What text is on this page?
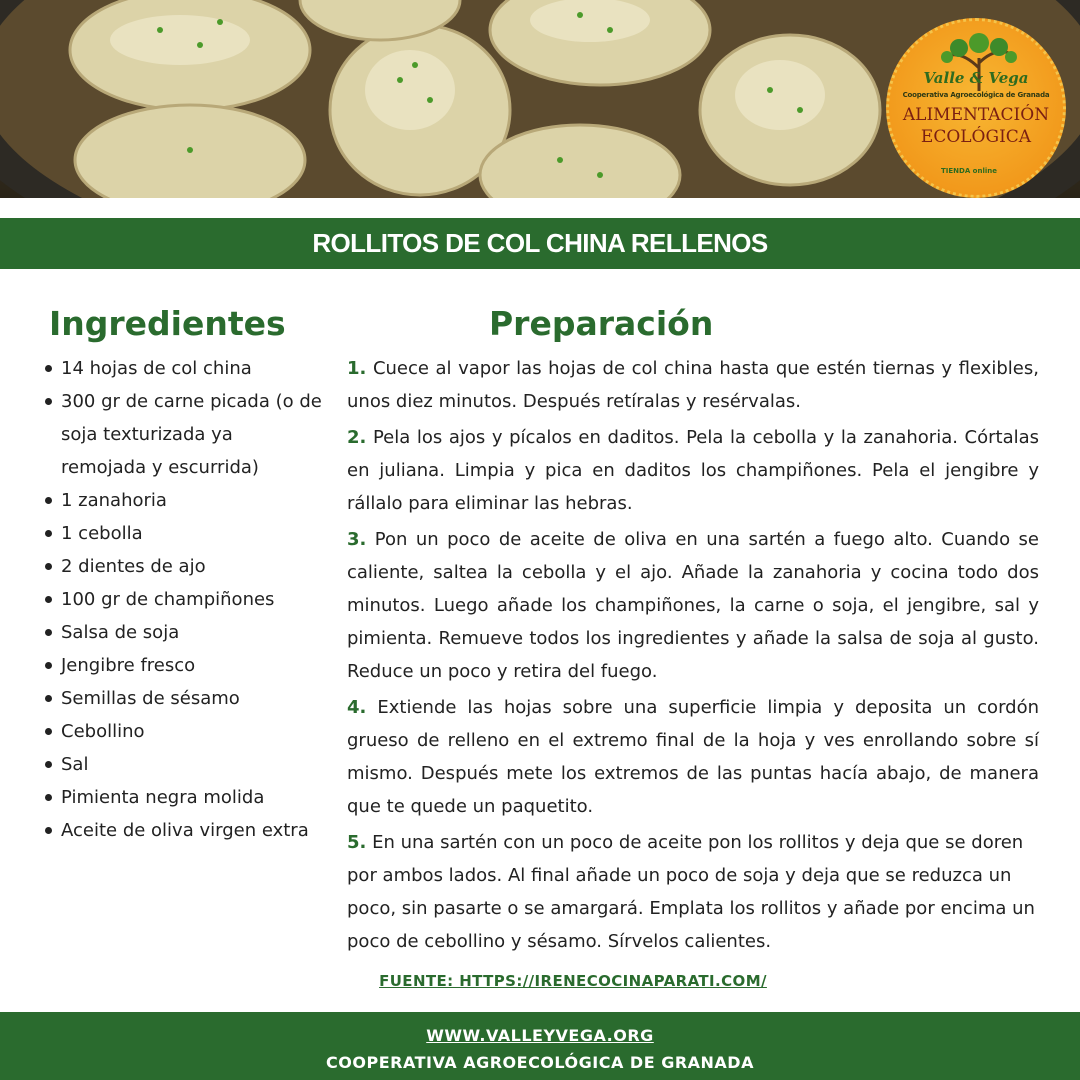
Valle & Vega
Cooperativa Agroecológica de Granada
ALIMENTACIÓN
ECOLÓGICA
TIENDA online
ROLLITOS DE COL CHINA RELLENOS
Ingredientes	Preparación
14 hojas de col china
300 gr de carne picada (o de soja texturizada ya remojada y escurrida)
1 zanahoria
1 cebolla
2 dientes de ajo
100 gr de champiñones
Salsa de soja
Jengibre fresco
Semillas de sésamo
Cebollino
Sal
Pimienta negra molida
Aceite de oliva virgen extra

1. Cuece al vapor las hojas de col china hasta que estén tiernas y flexibles, unos diez minutos. Después retíralas y resérvalas.

2. Pela los ajos y pícalos en daditos. Pela la cebolla y la zanahoria. Córtalas en juliana. Limpia y pica en daditos los champiñones. Pela el jengibre y rállalo para eliminar las hebras.

3. Pon un poco de aceite de oliva en una sartén a fuego alto. Cuando se caliente, saltea la cebolla y el ajo. Añade la zanahoria y cocina todo dos minutos. Luego añade los champiñones, la carne o soja, el jengibre, sal y pimienta. Remueve todos los ingredientes y añade la salsa de soja al gusto. Reduce un poco y retira del fuego.

4. Extiende las hojas sobre una superficie limpia y deposita un cordón grueso de relleno en el extremo final de la hoja y ves enrollando sobre sí mismo. Después mete los extremos de las puntas hacía abajo, de manera que te quede un paquetito.

5. En una sartén con un poco de aceite pon los rollitos y deja que se doren por ambos lados. Al final añade un poco de soja y deja que se reduzca un poco, sin pasarte o se amargará. Emplata los rollitos y añade por encima un poco de cebollino y sésamo. Sírvelos calientes.

FUENTE: HTTPS://IRENECOCINAPARATI.COM/
WWW.VALLEYVEGA.ORG
COOPERATIVA AGROECOLÓGICA DE GRANADA
